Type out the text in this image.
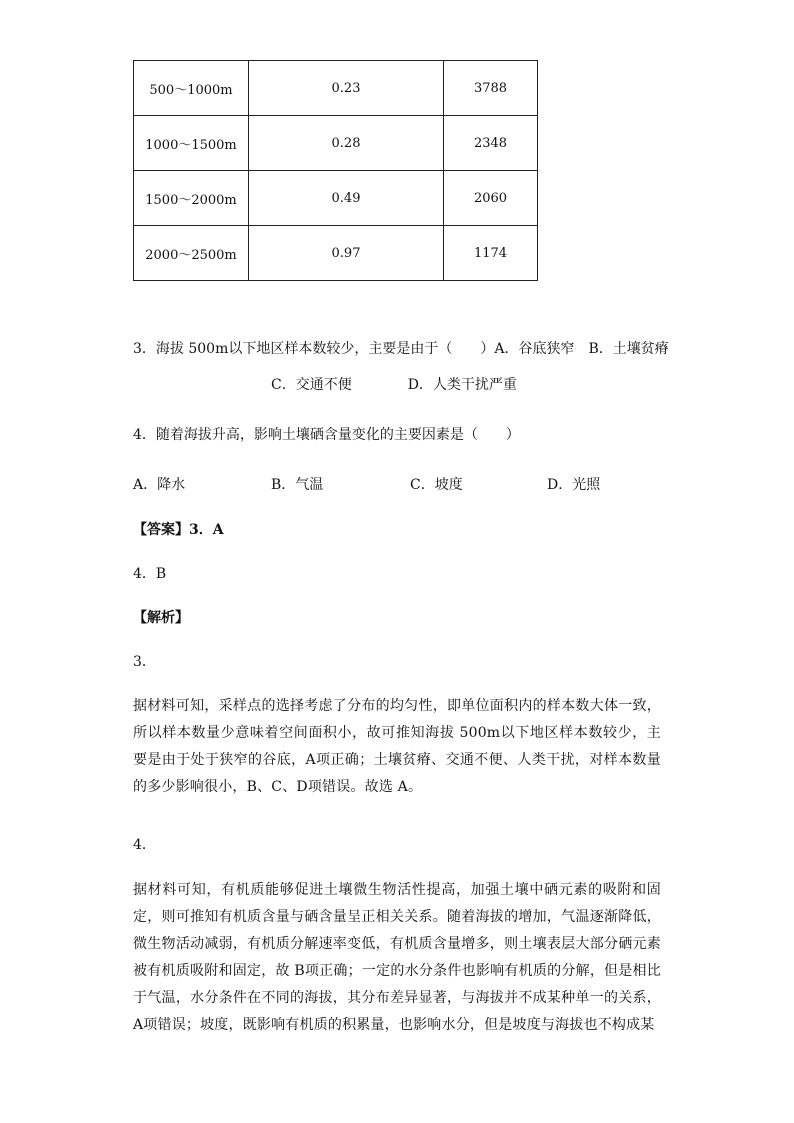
500～1000m	0.23	3788
1000～1500m	0.28	2348
1500～2000m	0.49	2060
2000～2500m	0.97	1174
3．海拔 500m以下地区样本数较少，主要是由于（　　）A．谷底狭窄　B．土壤贫瘠
C．交通不便　　　　D．人类干扰严重
4．随着海拔升高，影响土壤硒含量变化的主要因素是（　　）
A．降水	B．气温	C．坡度	D．光照
【答案】3．A
4．B
【解析】
3．

据材料可知，采样点的选择考虑了分布的均匀性，即单位面积内的样本数大体一致，所以样本数量少意味着空间面积小，故可推知海拔 500m以下地区样本数较少，主要是由于处于狭窄的谷底，A项正确；土壤贫瘠、交通不便、人类干扰，对样本数量的多少影响很小，B、C、D项错误。故选 A。

4．

据材料可知，有机质能够促进土壤微生物活性提高，加强土壤中硒元素的吸附和固定，则可推知有机质含量与硒含量呈正相关关系。随着海拔的增加，气温逐渐降低，微生物活动减弱，有机质分解速率变低，有机质含量增多，则土壤表层大部分硒元素被有机质吸附和固定，故 B项正确；一定的水分条件也影响有机质的分解，但是相比于气温，水分条件在不同的海拔，其分布差异显著，与海拔并不成某种单一的关系，A项错误；坡度，既影响有机质的积累量，也影响水分，但是坡度与海拔也不构成某
